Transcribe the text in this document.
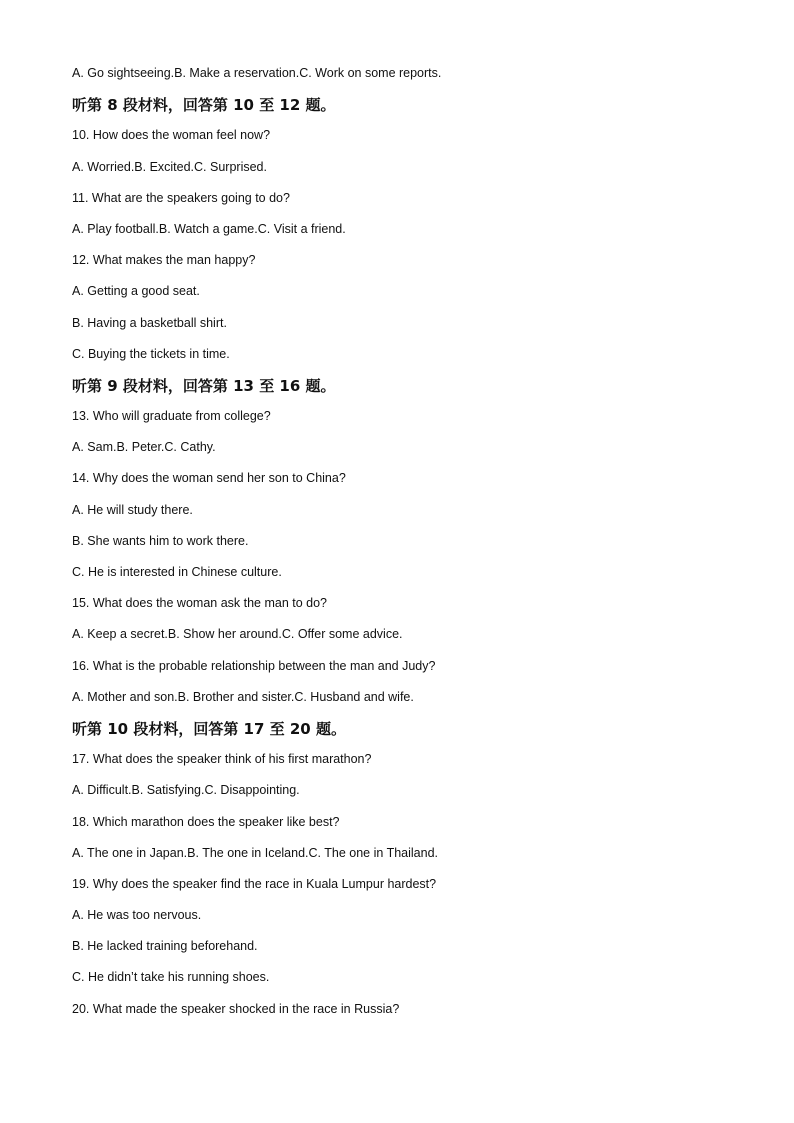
A. Go sightseeing.B. Make a reservation.C. Work on some reports.
听第 8 段材料，回答第 10 至 12 题。
10. How does the woman feel now?
A. Worried.B. Excited.C. Surprised.
11. What are the speakers going to do?
A. Play football.B. Watch a game.C. Visit a friend.
12. What makes the man happy?
A. Getting a good seat.
B. Having a basketball shirt.
C. Buying the tickets in time.
听第 9 段材料，回答第 13 至 16 题。
13. Who will graduate from college?
A. Sam.B. Peter.C. Cathy.
14. Why does the woman send her son to China?
A. He will study there.
B. She wants him to work there.
C. He is interested in Chinese culture.
15. What does the woman ask the man to do?
A. Keep a secret.B. Show her around.C. Offer some advice.
16. What is the probable relationship between the man and Judy?
A. Mother and son.B. Brother and sister.C. Husband and wife.
听第 10 段材料，回答第 17 至 20 题。
17. What does the speaker think of his first marathon?
A. Difficult.B. Satisfying.C. Disappointing.
18. Which marathon does the speaker like best?
A. The one in Japan.B. The one in Iceland.C. The one in Thailand.
19. Why does the speaker find the race in Kuala Lumpur hardest?
A. He was too nervous.
B. He lacked training beforehand.
C. He didn’t take his running shoes.
20. What made the speaker shocked in the race in Russia?
